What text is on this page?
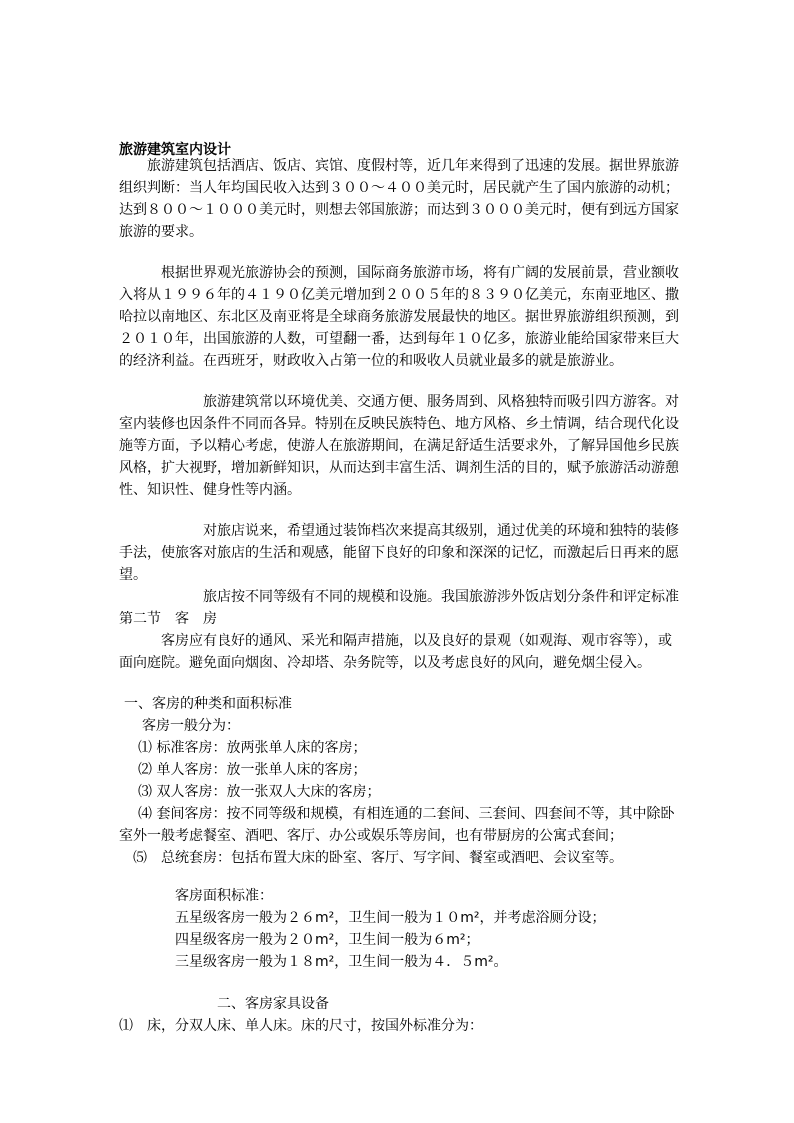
旅游建筑室内设计
旅游建筑包括酒店、饭店、宾馆、度假村等，近几年来得到了迅速的发展。据世界旅游
组织判断：当人年均国民收入达到３００～４００美元时，居民就产生了国内旅游的动机；
达到８００～１０００美元时，则想去邻国旅游；而达到３０００美元时，便有到远方国家
旅游的要求。
根据世界观光旅游协会的预测，国际商务旅游市场，将有广阔的发展前景，营业额收
入将从１９９６年的４１９０亿美元增加到２００５年的８３９０亿美元，东南亚地区、撒
哈拉以南地区、东北区及南亚将是全球商务旅游发展最快的地区。据世界旅游组织预测，到
２０１０年，出国旅游的人数，可望翻一番，达到每年１０亿多，旅游业能给国家带来巨大
的经济利益。在西班牙，财政收入占第一位的和吸收人员就业最多的就是旅游业。
旅游建筑常以环境优美、交通方便、服务周到、风格独特而吸引四方游客。对
室内装修也因条件不同而各异。特别在反映民族特色、地方风格、乡土情调，结合现代化设
施等方面，予以精心考虑，使游人在旅游期间，在满足舒适生活要求外，了解异国他乡民族
风格，扩大视野，增加新鲜知识，从而达到丰富生活、调剂生活的目的，赋予旅游活动游憩
性、知识性、健身性等内涵。
对旅店说来，希望通过装饰档次来提高其级别，通过优美的环境和独特的装修
手法，使旅客对旅店的生活和观感，能留下良好的印象和深深的记忆，而激起后日再来的愿
望。
旅店按不同等级有不同的规模和设施。我国旅游涉外饭店划分条件和评定标准
第二节　客　房
客房应有良好的通风、采光和隔声措施，以及良好的景观（如观海、观市容等），或
面向庭院。避免面向烟囱、冷却塔、杂务院等，以及考虑良好的风向，避免烟尘侵入。
一、客房的种类和面积标准
客房一般分为：
⑴ 标准客房：放两张单人床的客房；
⑵ 单人客房：放一张单人床的客房；
⑶ 双人客房：放一张双人大床的客房；
⑷ 套间客房：按不同等级和规模，有相连通的二套间、三套间、四套间不等，其中除卧
室外一般考虑餐室、酒吧、客厅、办公或娱乐等房间，也有带厨房的公寓式套间；
⑸　总统套房：包括布置大床的卧室、客厅、写字间、餐室或酒吧、会议室等。
客房面积标准：
五星级客房一般为２６m²，卫生间一般为１０m²，并考虑浴厕分设；
四星级客房一般为２０m²，卫生间一般为６m²；
三星级客房一般为１８m²，卫生间一般为４．５m²。
二、客房家具设备
⑴　床，分双人床、单人床。床的尺寸，按国外标准分为：
